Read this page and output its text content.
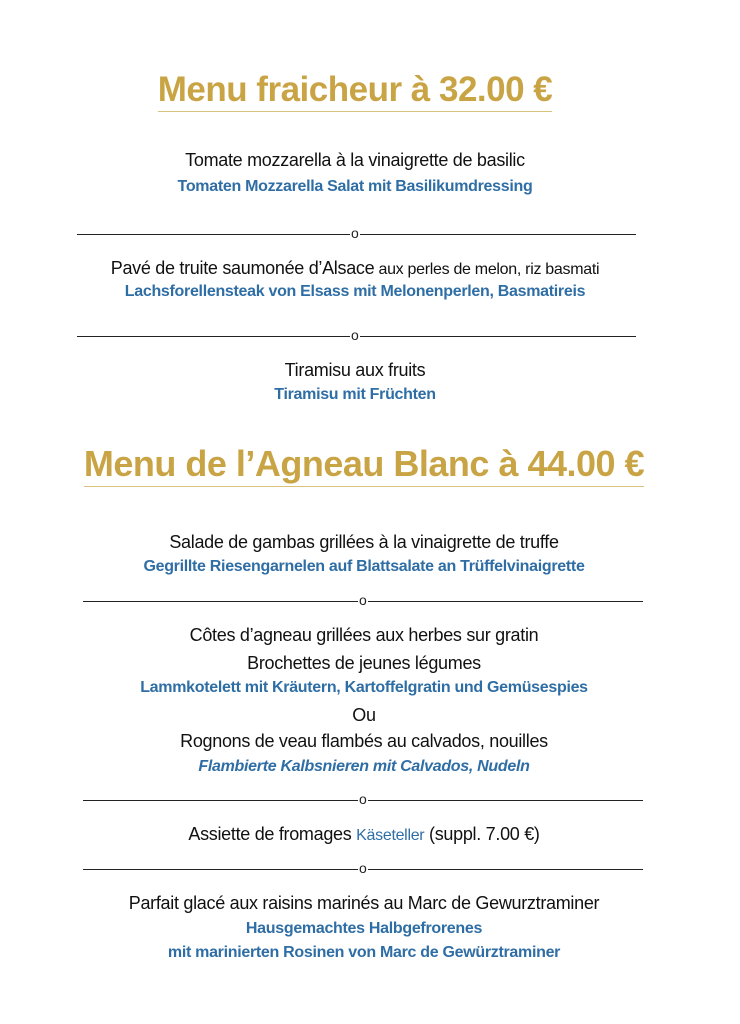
Menu fraicheur à 32.00 €
Tomate mozzarella à la vinaigrette de basilic
Tomaten Mozzarella Salat mit Basilikumdressing
o
Pavé de truite saumonée d’Alsace aux perles de melon, riz basmati
Lachsforellensteak von Elsass mit Melonenperlen, Basmatireis
o
Tiramisu aux fruits
Tiramisu mit Früchten
Menu de l’Agneau Blanc à 44.00 €
Salade de gambas grillées à la vinaigrette de truffe
Gegrillte Riesengarnelen auf Blattsalate an Trüffelvinaigrette
o
Côtes d’agneau grillées aux herbes sur gratin
Brochettes de jeunes légumes
Lammkotelett mit Kräutern, Kartoffelgratin und Gemüsespies
Ou
Rognons de veau flambés au calvados, nouilles
Flambierte Kalbsnieren mit Calvados, Nudeln
o
Assiette de fromages Käseteller (suppl. 7.00 €)
o
Parfait glacé aux raisins marinés au Marc de Gewurztraminer
Hausgemachtes Halbgefrorenes
mit marinierten Rosinen von Marc de Gewürztraminer
